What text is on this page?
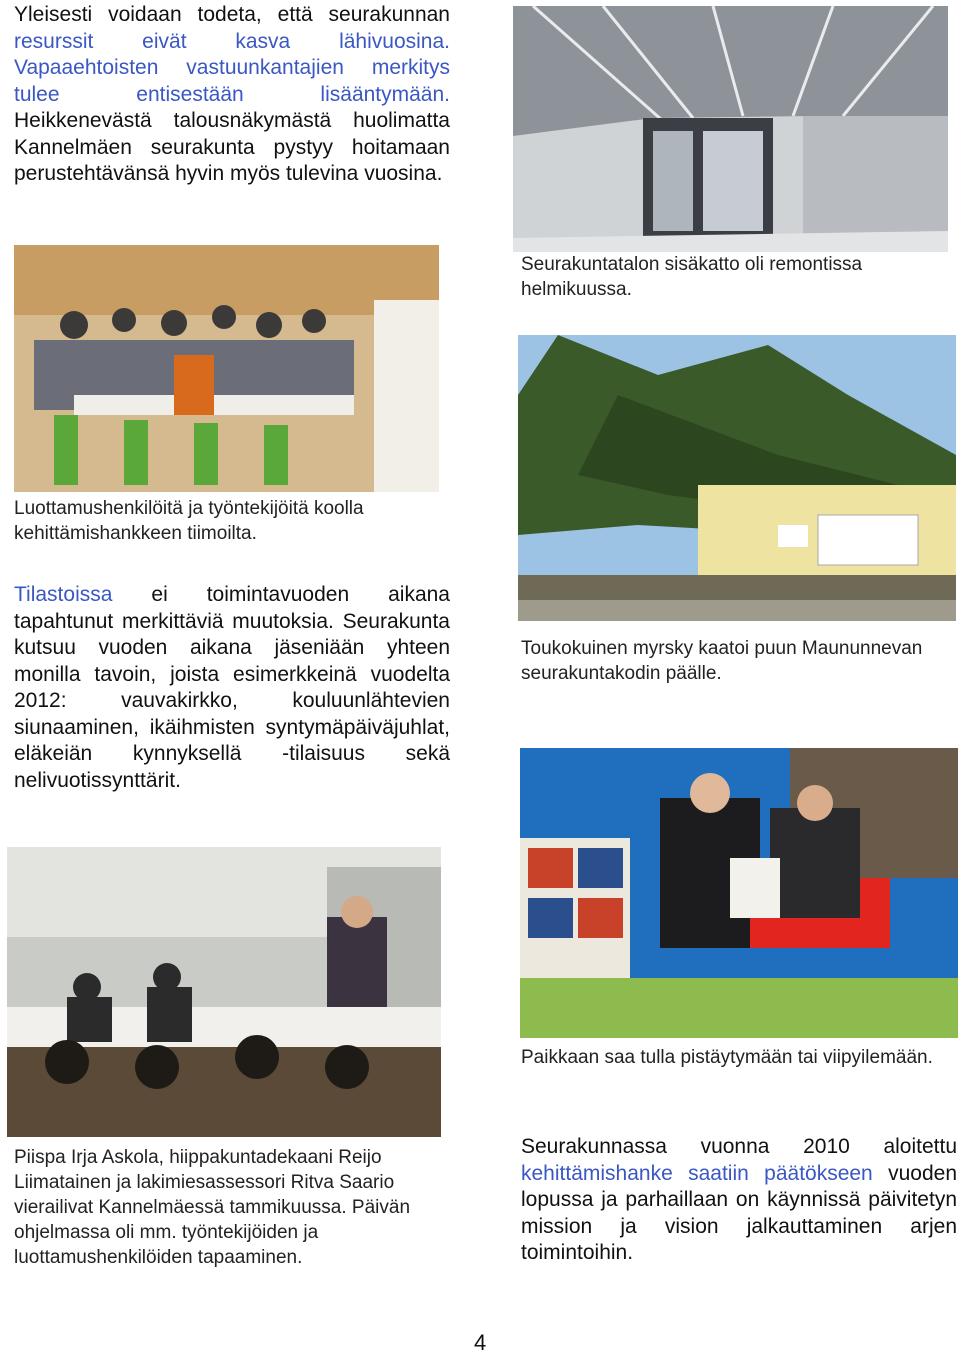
Yleisesti voidaan todeta, että seurakunnan resurssit eivät kasva lähivuosina. Vapaaehtoisten vastuunkantajien merkitys tulee entisestään lisääntymään. Heikkenevästä talousnäkymästä huolimatta Kannelmäen seurakunta pystyy hoitamaan perustehtävänsä hyvin myös tulevina vuosina.

Seurakuntatalon sisäkatto oli remontissa helmikuussa.

Luottamushenkilöitä ja työntekijöitä koolla kehittämishankkeen tiimoilta.

Toukokuinen myrsky kaatoi puun Maununnevan seurakuntakodin päälle.

Tilastoissa ei toimintavuoden aikana tapahtunut merkittäviä muutoksia. Seurakunta kutsuu vuoden aikana jäseniään yhteen monilla tavoin, joista esimerkkeinä vuodelta 2012: vauvakirkko, kouluunlähtevien siunaaminen, ikäihmisten syntymäpäiväjuhlat, eläkeiän kynnyksellä -tilaisuus sekä nelivuotissynttärit.

Paikkaan saa tulla pistäytymään tai viipyilemään.

Piispa Irja Askola, hiippakuntadekaani Reijo Liimatainen ja lakimiesassessori Ritva Saario vierailivat Kannelmäessä tammikuussa. Päivän ohjelmassa oli mm. työntekijöiden ja luottamushenkilöiden tapaaminen.

Seurakunnassa vuonna 2010 aloitettu kehittämishanke saatiin päätökseen vuoden lopussa ja parhaillaan on käynnissä päivitetyn mission ja vision jalkauttaminen arjen toimintoihin.

4
